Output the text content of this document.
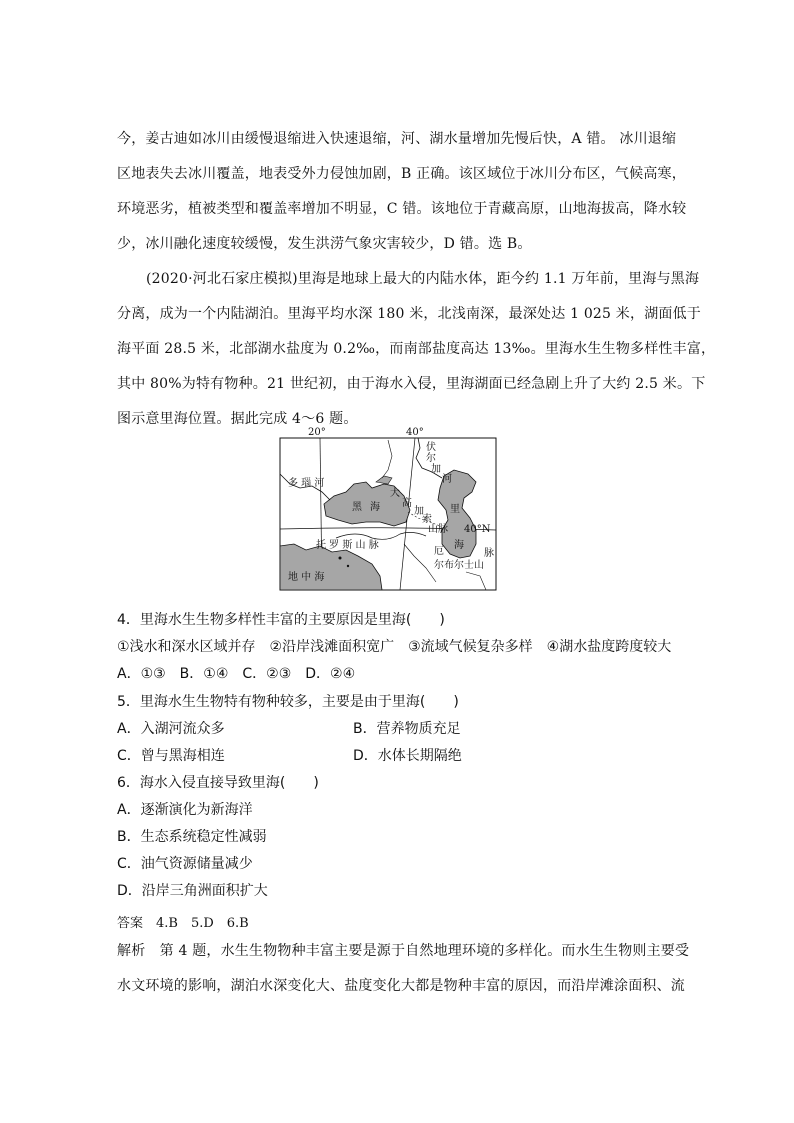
今，姜古迪如冰川由缓慢退缩进入快速退缩，河、湖水量增加先慢后快，A 错。 冰川退缩
区地表失去冰川覆盖，地表受外力侵蚀加剧，B 正确。该区域位于冰川分布区，气候高寒，
环境恶劣，植被类型和覆盖率增加不明显，C 错。该地位于青藏高原，山地海拔高，降水较
少，冰川融化速度较缓慢，发生洪涝气象灾害较少，D 错。选 B。
(2020·河北石家庄模拟)里海是地球上最大的内陆水体，距今约 1.1 万年前，里海与黑海
分离，成为一个内陆湖泊。里海平均水深 180 米，北浅南深，最深处达 1 025 米，湖面低于
海平面 28.5 米，北部湖水盐度为 0.2‰，而南部盐度高达 13‰。里海水生生物多样性丰富，
其中 80%为特有物种。21 世纪初，由于海水入侵，里海湖面已经急剧上升了大约 2.5 米。下
图示意里海位置。据此完成 4～6 题。
20°	40°
40°N
伏
尔
加
河
多 瑙 河
黑 海	里
海
大
高
加
索
山 脉
托 罗 斯 山 脉
厄
尔布尔士山
脉
地 中 海
4．里海水生生物多样性丰富的主要原因是里海(　　)
①浅水和深水区域并存　②沿岸浅滩面积宽广　③流域气候复杂多样　④湖水盐度跨度较大
A．①③　B．①④　C．②③　D．②④
5．里海水生生物特有物种较多，主要是由于里海(　　)
A．入湖河流众多	B．营养物质充足
C．曾与黑海相连	D．水体长期隔绝
6．海水入侵直接导致里海(　　)
A．逐渐演化为新海洋
B．生态系统稳定性减弱
C．油气资源储量减少
D．沿岸三角洲面积扩大
答案　4.B　5.D　6.B
解析　第 4 题，水生生物物种丰富主要是源于自然地理环境的多样化。而水生生物则主要受
水文环境的影响，湖泊水深变化大、盐度变化大都是物种丰富的原因，而沿岸滩涂面积、流
